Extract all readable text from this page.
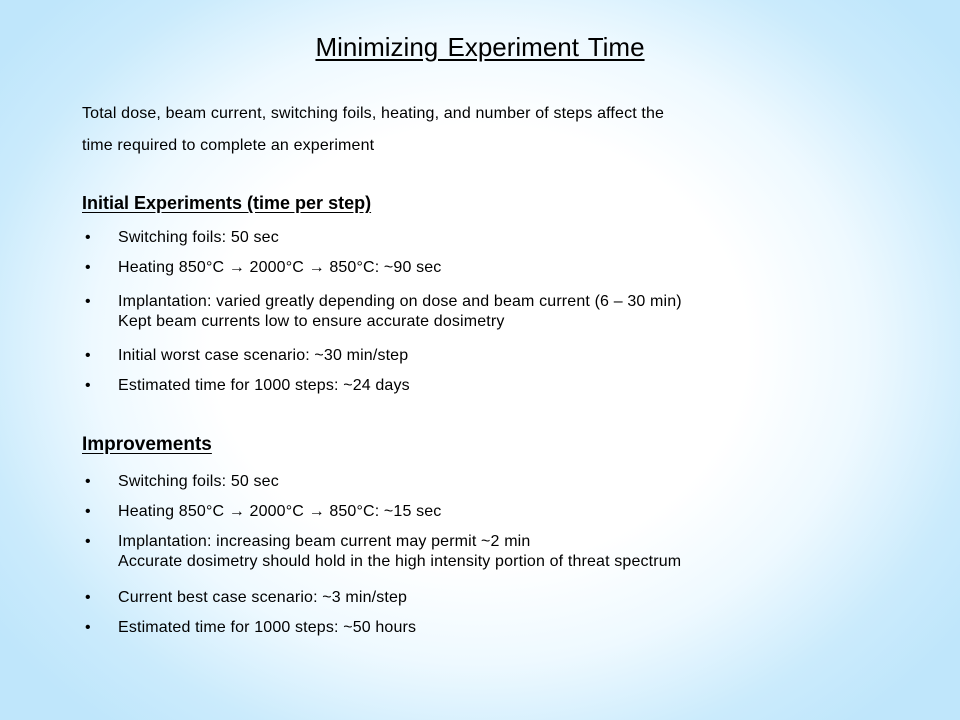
Minimizing Experiment Time
Total dose, beam current, switching foils, heating, and number of steps affect the
time required to complete an experiment
Initial Experiments (time per step)
• Switching foils: 50 sec
• Heating 850°C → 2000°C → 850°C: ~90 sec
• Implantation: varied greatly depending on dose and beam current (6 – 30 min)
Kept beam currents low to ensure accurate dosimetry
• Initial worst case scenario: ~30 min/step
• Estimated time for 1000 steps: ~24 days
Improvements
• Switching foils: 50 sec
• Heating 850°C → 2000°C → 850°C: ~15 sec
• Implantation: increasing beam current may permit ~2 min
Accurate dosimetry should hold in the high intensity portion of threat spectrum
• Current best case scenario: ~3 min/step
• Estimated time for 1000 steps: ~50 hours
